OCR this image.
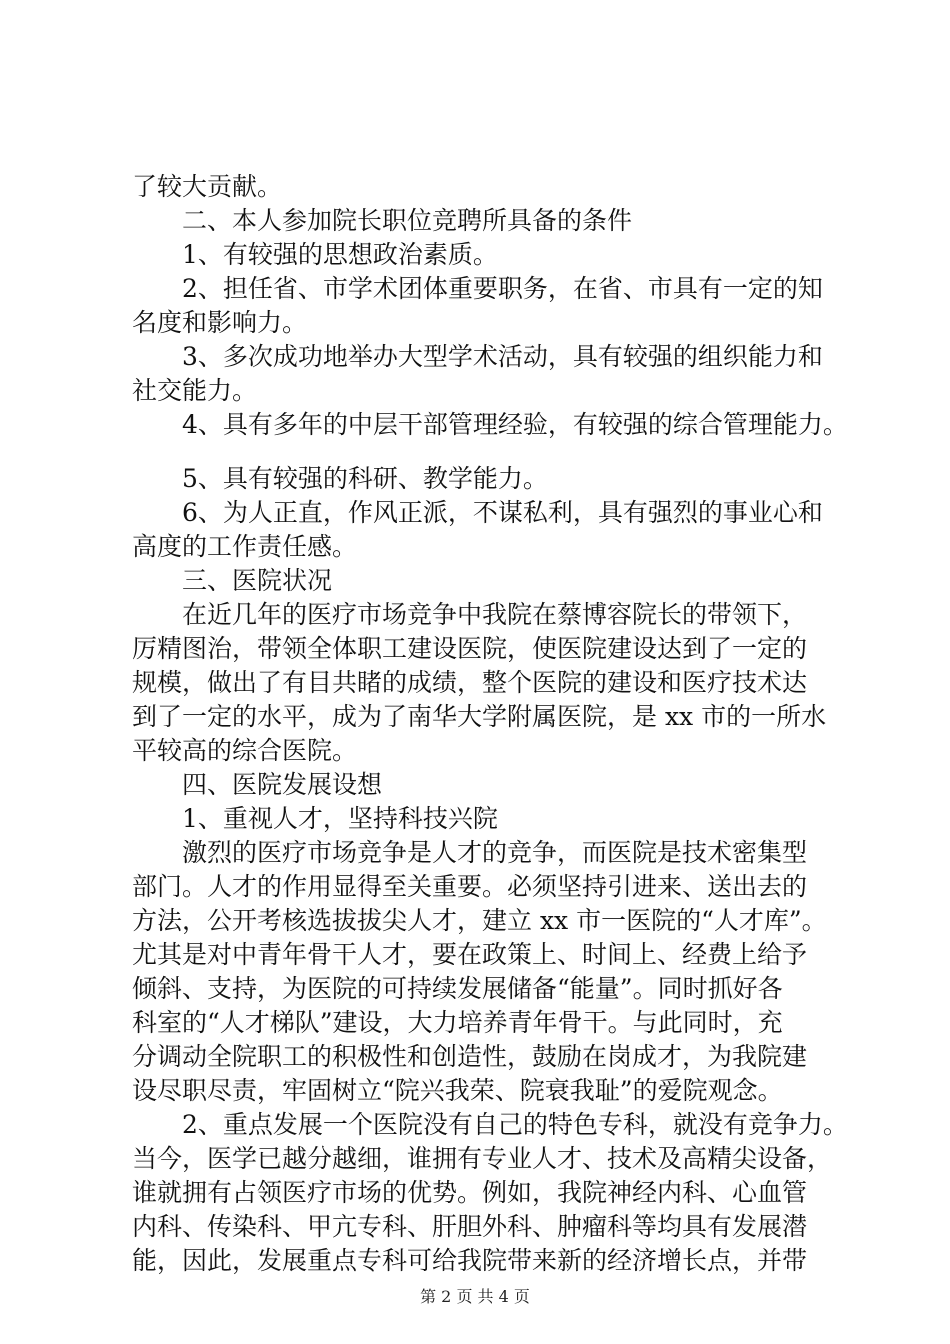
了较大贡献。

　　二、本人参加院长职位竞聘所具备的条件

　　1、有较强的思想政治素质。

　　2、担任省、市学术团体重要职务，在省、市具有一定的知

名度和影响力。

　　3、多次成功地举办大型学术活动，具有较强的组织能力和

社交能力。

　　4、具有多年的中层干部管理经验，有较强的综合管理能力。

　　5、具有较强的科研、教学能力。

　　6、为人正直，作风正派，不谋私利，具有强烈的事业心和

高度的工作责任感。

　　三、医院状况

　　在近几年的医疗市场竞争中我院在蔡博容院长的带领下，

厉精图治，带领全体职工建设医院，使医院建设达到了一定的

规模，做出了有目共睹的成绩，整个医院的建设和医疗技术达

到了一定的水平，成为了南华大学附属医院，是 xx 市的一所水

平较高的综合医院。

　　四、医院发展设想

　　1、重视人才，坚持科技兴院

　　激烈的医疗市场竞争是人才的竞争，而医院是技术密集型

部门。人才的作用显得至关重要。必须坚持引进来、送出去的

方法，公开考核选拔拔尖人才，建立 xx 市一医院的“人才库”。

尤其是对中青年骨干人才，要在政策上、时间上、经费上给予

倾斜、支持，为医院的可持续发展储备“能量”。同时抓好各

科室的“人才梯队”建设，大力培养青年骨干。与此同时，充

分调动全院职工的积极性和创造性，鼓励在岗成才，为我院建

设尽职尽责，牢固树立“院兴我荣、院衰我耻”的爱院观念。

　　2、重点发展一个医院没有自己的特色专科，就没有竞争力。

当今，医学已越分越细，谁拥有专业人才、技术及高精尖设备，

谁就拥有占领医疗市场的优势。例如，我院神经内科、心血管

内科、传染科、甲亢专科、肝胆外科、肿瘤科等均具有发展潜

能，因此，发展重点专科可给我院带来新的经济增长点，并带

第 2 页 共 4 页
